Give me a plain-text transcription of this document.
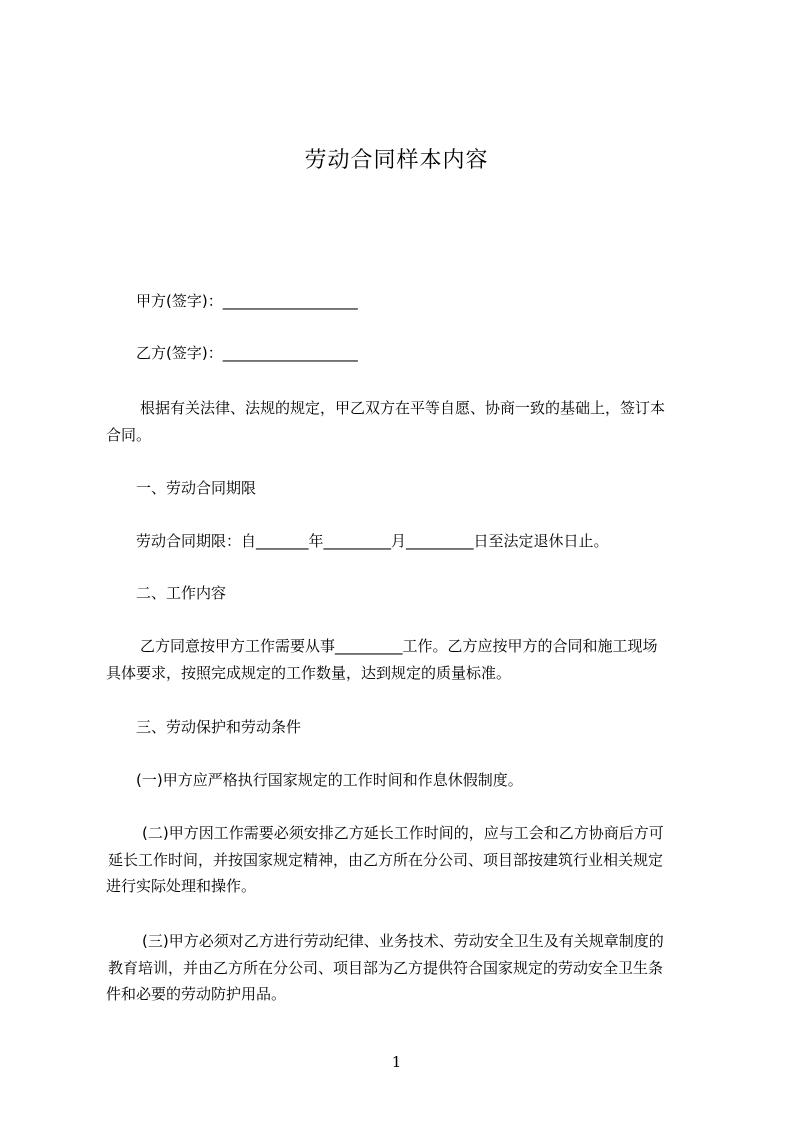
劳动合同样本内容
甲方(签字)：__________________
乙方(签字)：__________________
根据有关法律、法规的规定，甲乙双方在平等自愿、协商一致的基础上，签订本
合同。
一、劳动合同期限
劳动合同期限：自_______年_________月_________日至法定退休日止。
二、工作内容
乙方同意按甲方工作需要从事_________工作。乙方应按甲方的合同和施工现场
具体要求，按照完成规定的工作数量，达到规定的质量标准。
三、劳动保护和劳动条件
(一)甲方应严格执行国家规定的工作时间和作息休假制度。
(二)甲方因工作需要必须安排乙方延长工作时间的，应与工会和乙方协商后方可
延长工作时间，并按国家规定精神，由乙方所在分公司、项目部按建筑行业相关规定
进行实际处理和操作。
(三)甲方必须对乙方进行劳动纪律、业务技术、劳动安全卫生及有关规章制度的
教育培训，并由乙方所在分公司、项目部为乙方提供符合国家规定的劳动安全卫生条
件和必要的劳动防护用品。
1
